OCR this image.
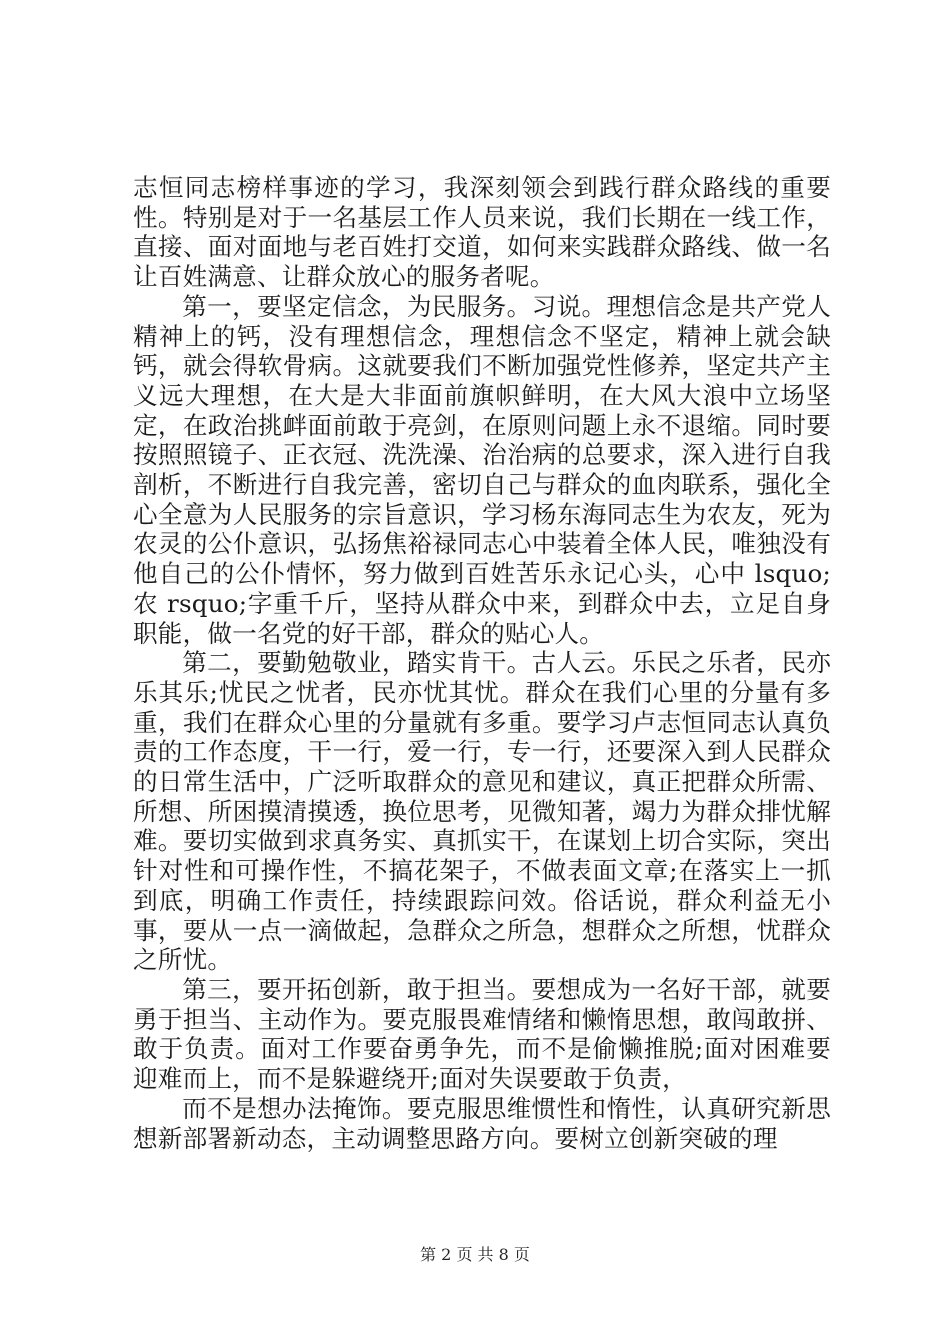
志恒同志榜样事迹的学习，我深刻领会到践行群众路线的重要性。特别是对于一名基层工作人员来说，我们长期在一线工作，直接、面对面地与老百姓打交道，如何来实践群众路线、做一名让百姓满意、让群众放心的服务者呢。

第一，要坚定信念，为民服务。习说。理想信念是共产党人精神上的钙，没有理想信念，理想信念不坚定，精神上就会缺钙，就会得软骨病。这就要我们不断加强党性修养，坚定共产主义远大理想，在大是大非面前旗帜鲜明，在大风大浪中立场坚定，在政治挑衅面前敢于亮剑，在原则问题上永不退缩。同时要按照照镜子、正衣冠、洗洗澡、治治病的总要求，深入进行自我剖析，不断进行自我完善，密切自己与群众的血肉联系，强化全心全意为人民服务的宗旨意识，学习杨东海同志生为农友，死为农灵的公仆意识，弘扬焦裕禄同志心中装着全体人民，唯独没有他自己的公仆情怀，努力做到百姓苦乐永记心头，心中 lsquo;农 rsquo;字重千斤，坚持从群众中来，到群众中去，立足自身职能，做一名党的好干部，群众的贴心人。

第二，要勤勉敬业，踏实肯干。古人云。乐民之乐者，民亦乐其乐;忧民之忧者，民亦忧其忧。群众在我们心里的分量有多重，我们在群众心里的分量就有多重。要学习卢志恒同志认真负责的工作态度，干一行，爱一行，专一行，还要深入到人民群众的日常生活中，广泛听取群众的意见和建议，真正把群众所需、所想、所困摸清摸透，换位思考，见微知著，竭力为群众排忧解难。要切实做到求真务实、真抓实干，在谋划上切合实际，突出针对性和可操作性，不搞花架子，不做表面文章;在落实上一抓到底，明确工作责任，持续跟踪问效。俗话说，群众利益无小事，要从一点一滴做起，急群众之所急，想群众之所想，忧群众之所忧。

第三，要开拓创新，敢于担当。要想成为一名好干部，就要勇于担当、主动作为。要克服畏难情绪和懒惰思想，敢闯敢拼、敢于负责。面对工作要奋勇争先，而不是偷懒推脱;面对困难要迎难而上，而不是躲避绕开;面对失误要敢于负责，

而不是想办法掩饰。要克服思维惯性和惰性，认真研究新思想新部署新动态，主动调整思路方向。要树立创新突破的理

第 2 页 共 8 页
